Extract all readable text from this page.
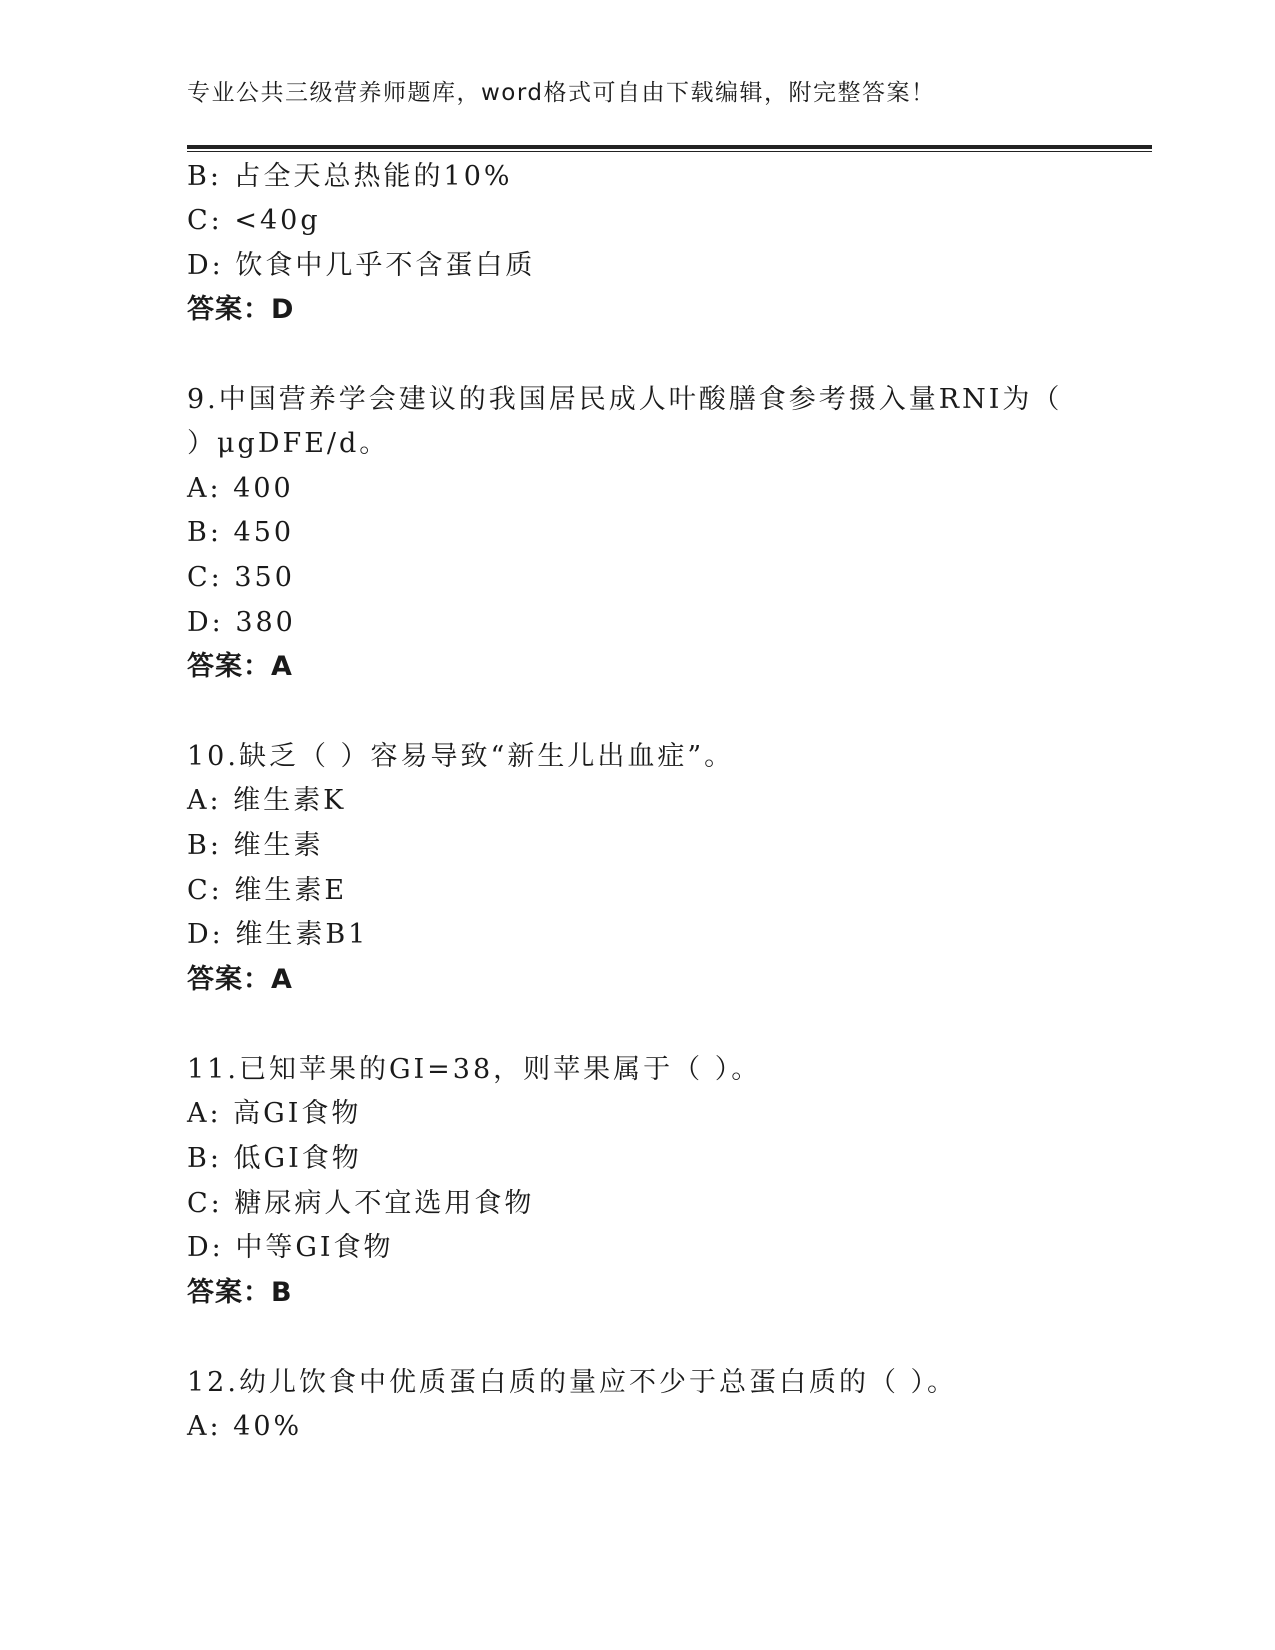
专业公共三级营养师题库，word格式可自由下载编辑，附完整答案！
B: 占全天总热能的10%
C: <40g
D: 饮食中几乎不含蛋白质
答案：D
9.中国营养学会建议的我国居民成人叶酸膳食参考摄入量RNI为（
）μgDFE/d。
A: 400
B: 450
C: 350
D: 380
答案：A
10.缺乏（ ）容易导致“新生儿出血症”。
A: 维生素K
B: 维生素
C: 维生素E
D: 维生素B1
答案：A
11.已知苹果的GI=38，则苹果属于（ ）。
A: 高GI食物
B: 低GI食物
C: 糖尿病人不宜选用食物
D: 中等GI食物
答案：B
12.幼儿饮食中优质蛋白质的量应不少于总蛋白质的（ ）。
A: 40%
